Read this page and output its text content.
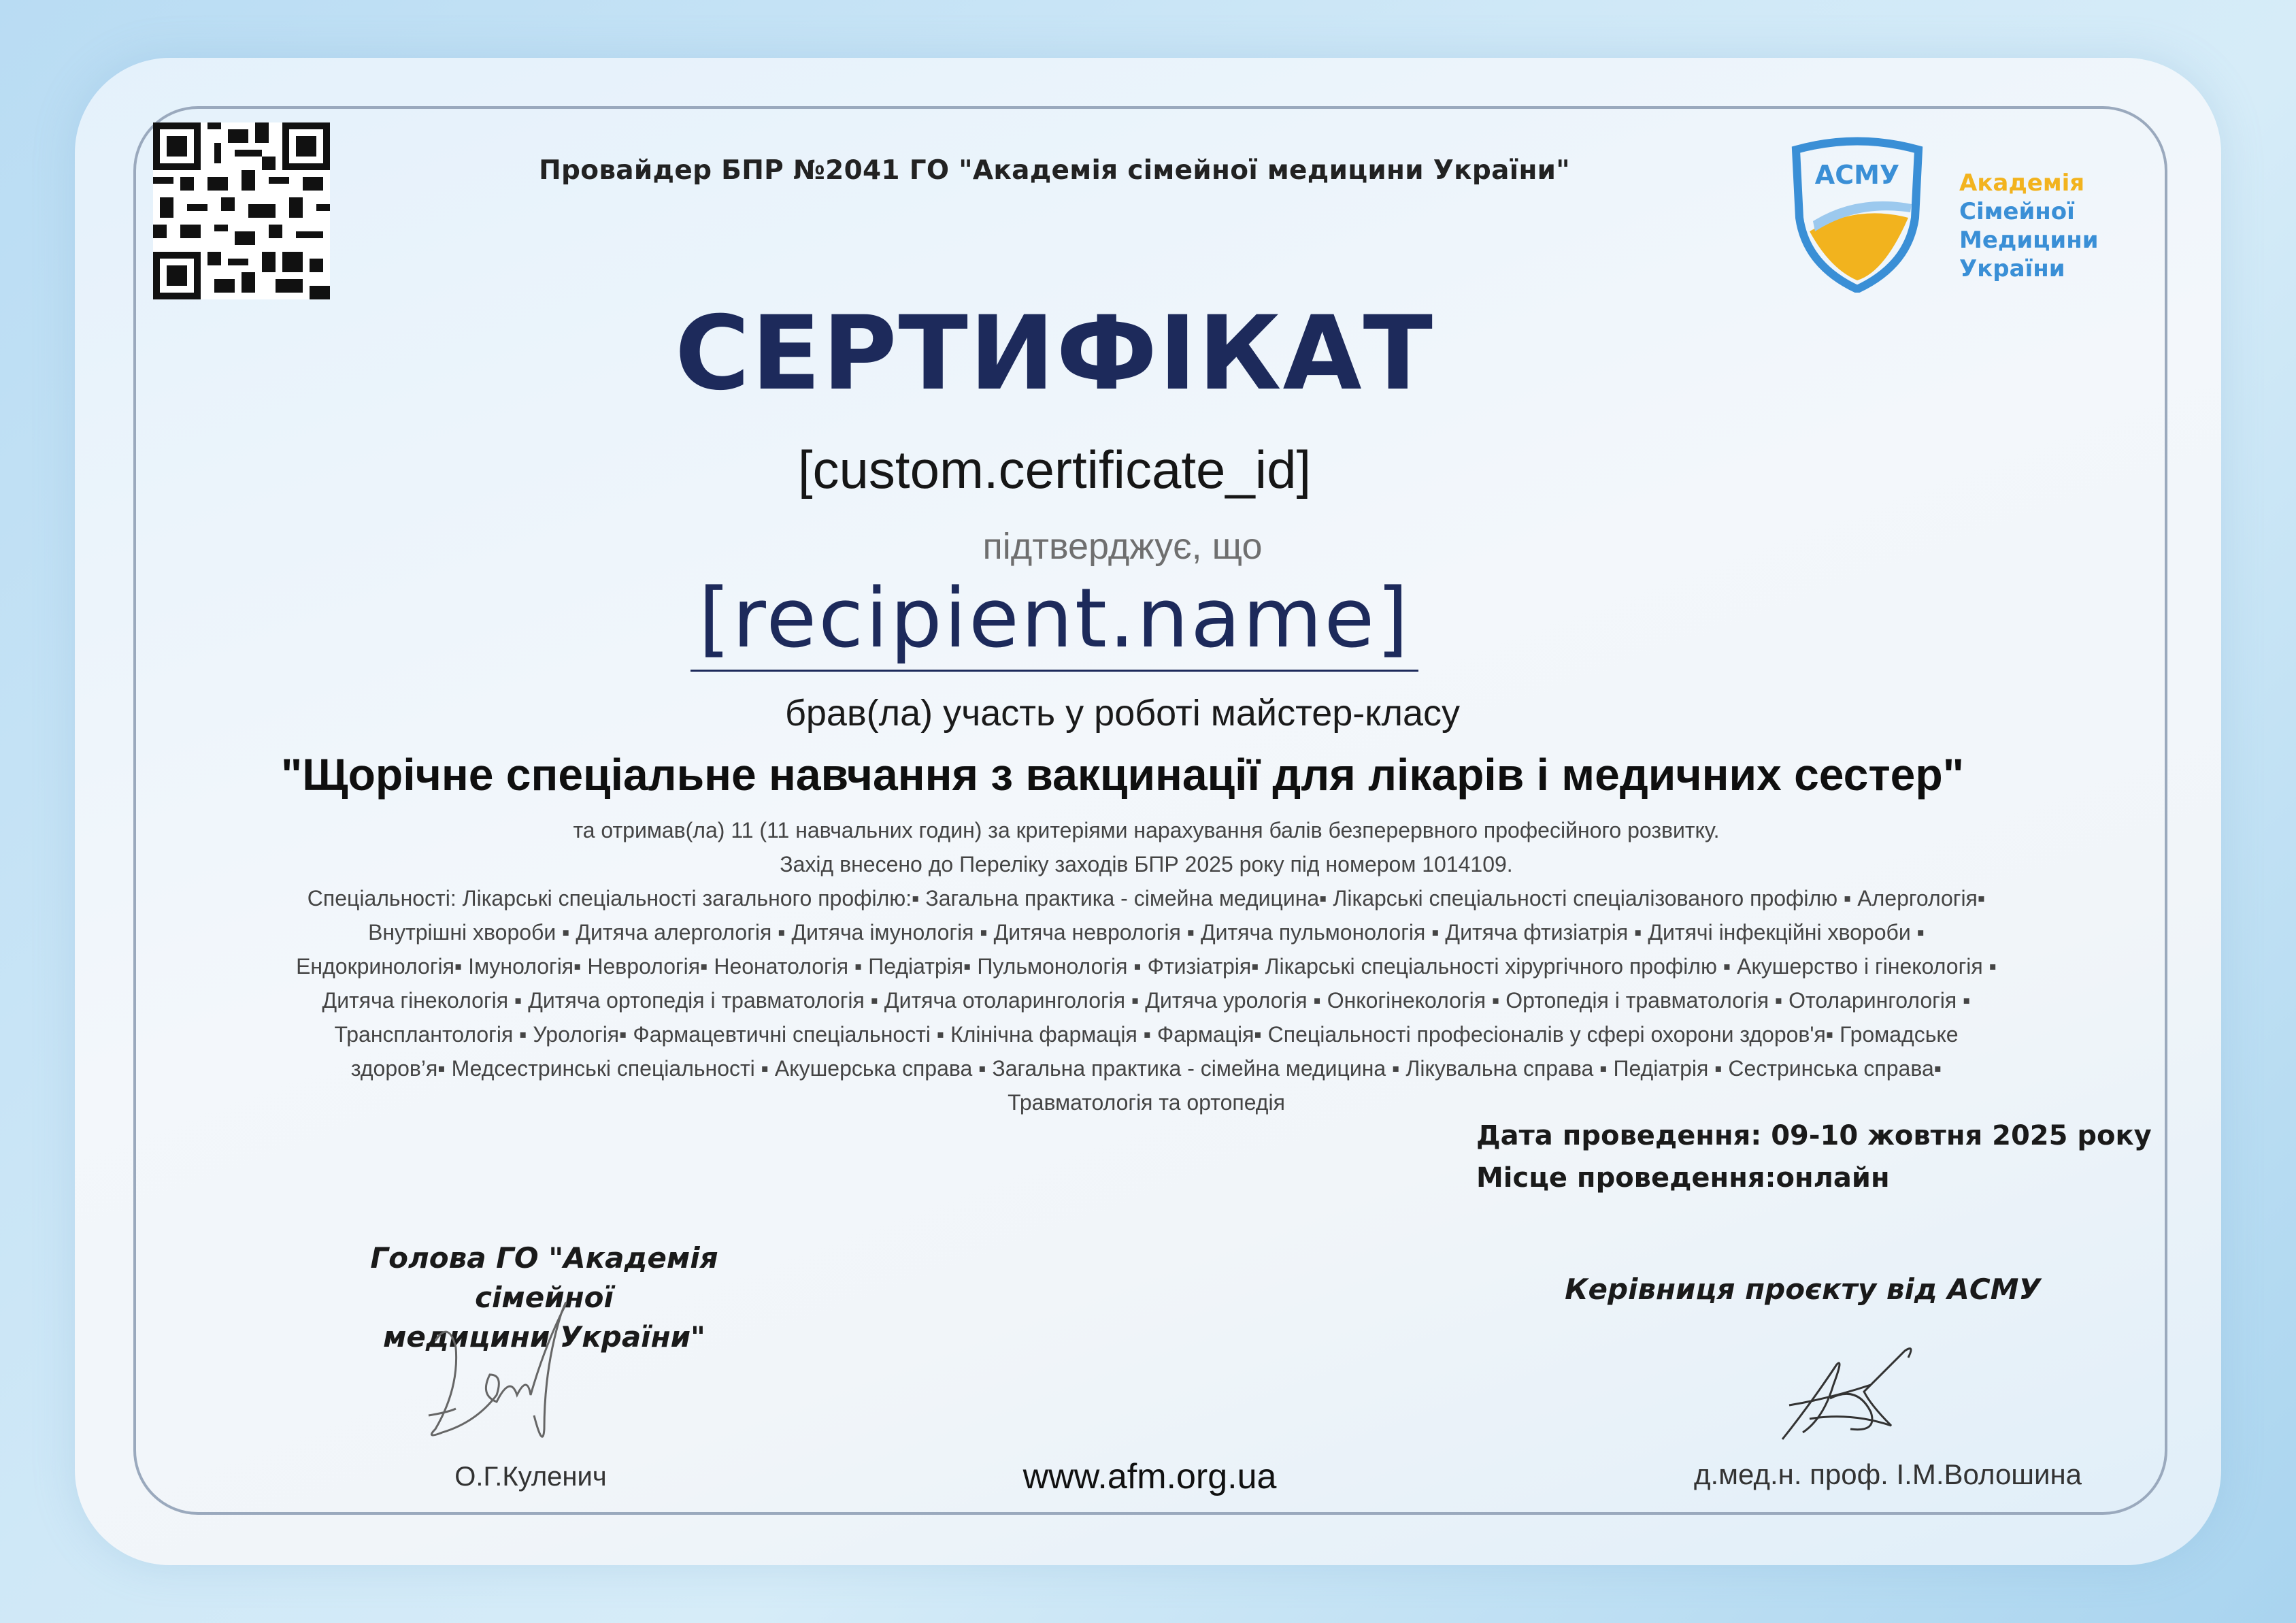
Провайдер БПР №2041 ГО "Академія сімейної медицини України"	АСМУ	Академія
Сімейної
Медицини
України
СЕРТИФІКАТ
[custom.certificate_id]
підтверджує, що
[recipient.name]
брав(ла) участь у роботі майстер-класу
"Щорічне спеціальне навчання з вакцинації для лікарів і медичних сестер"
та отримав(ла) 11 (11 навчальних годин) за критеріями нарахування балів безперервного професійного розвитку.
Захід внесено до Переліку заходів БПР 2025 року під номером 1014109.
Спеціальності: Лікарські спеціальності загального профілю:▪ Загальна практика - сімейна медицина▪ Лікарські спеціальності спеціалізованого профілю ▪ Алергологія▪
Внутрішні хвороби ▪ Дитяча алергологія ▪ Дитяча імунологія ▪ Дитяча неврологія ▪ Дитяча пульмонологія ▪ Дитяча фтизіатрія ▪ Дитячі інфекційні хвороби ▪
Ендокринологія▪ Імунологія▪ Неврологія▪ Неонатологія ▪ Педіатрія▪ Пульмонологія ▪ Фтизіатрія▪ Лікарські спеціальності хірургічного профілю ▪ Акушерство і гінекологія ▪
Дитяча гінекологія ▪ Дитяча ортопедія і травматологія ▪ Дитяча отоларингологія ▪ Дитяча урологія ▪ Онкогінекологія ▪ Ортопедія і травматологія ▪ Отоларингологія ▪
Трансплантологія ▪ Урологія▪ Фармацевтичні спеціальності ▪ Клінічна фармація ▪ Фармація▪ Спеціальності професіоналів у сфері охорони здоров'я▪ Громадське
здоров’я▪ Медсестринські спеціальності ▪ Акушерська справа ▪ Загальна практика - сімейна медицина ▪ Лікувальна справа ▪ Педіатрія ▪ Сестринська справа▪
Травматологія та ортопедія
Дата проведення: 09-10 жовтня 2025 року
Місце проведення:онлайн
Голова ГО "Академія сімейної
медицини України"
О.Г.Куленич
Керівниця проєкту від АСМУ
д.мед.н. проф. І.М.Волошина
www.afm.org.ua
